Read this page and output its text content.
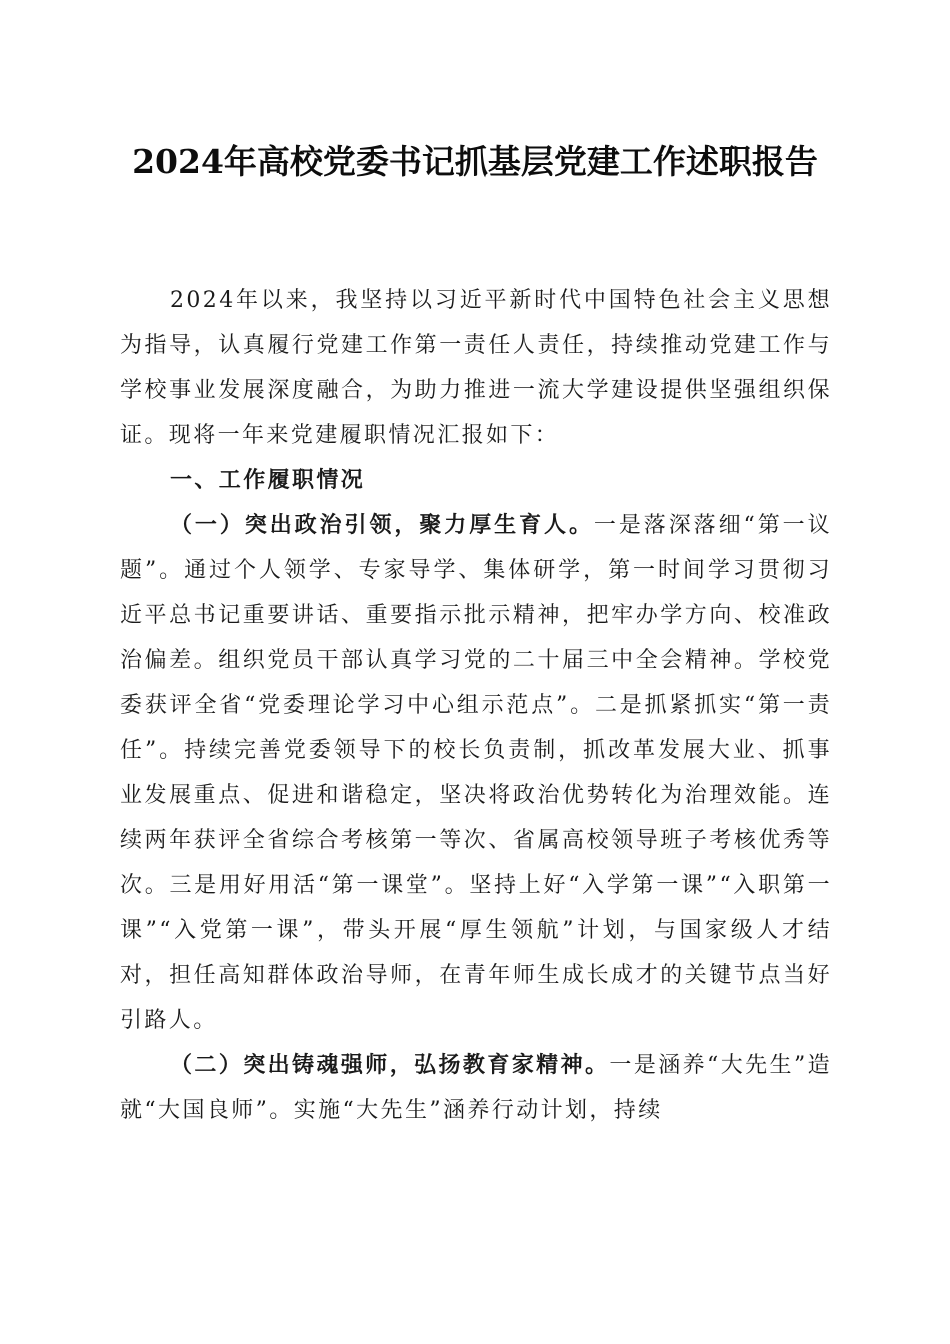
2024年高校党委书记抓基层党建工作述职报告

2024年以来，我坚持以习近平新时代中国特色社会主义思想为指导，认真履行党建工作第一责任人责任，持续推动党建工作与学校事业发展深度融合，为助力推进一流大学建设提供坚强组织保证。现将一年来党建履职情况汇报如下：

一、工作履职情况

（一）突出政治引领，聚力厚生育人。一是落深落细“第一议题”。通过个人领学、专家导学、集体研学，第一时间学习贯彻习近平总书记重要讲话、重要指示批示精神，把牢办学方向、校准政治偏差。组织党员干部认真学习党的二十届三中全会精神。学校党委获评全省“党委理论学习中心组示范点”。二是抓紧抓实“第一责任”。持续完善党委领导下的校长负责制，抓改革发展大业、抓事业发展重点、促进和谐稳定，坚决将政治优势转化为治理效能。连续两年获评全省综合考核第一等次、省属高校领导班子考核优秀等次。三是用好用活“第一课堂”。坚持上好“入学第一课”“入职第一课”“入党第一课”，带头开展“厚生领航”计划，与国家级人才结对，担任高知群体政治导师，在青年师生成长成才的关键节点当好引路人。

（二）突出铸魂强师，弘扬教育家精神。一是涵养“大先生”造就“大国良师”。实施“大先生”涵养行动计划，持续
